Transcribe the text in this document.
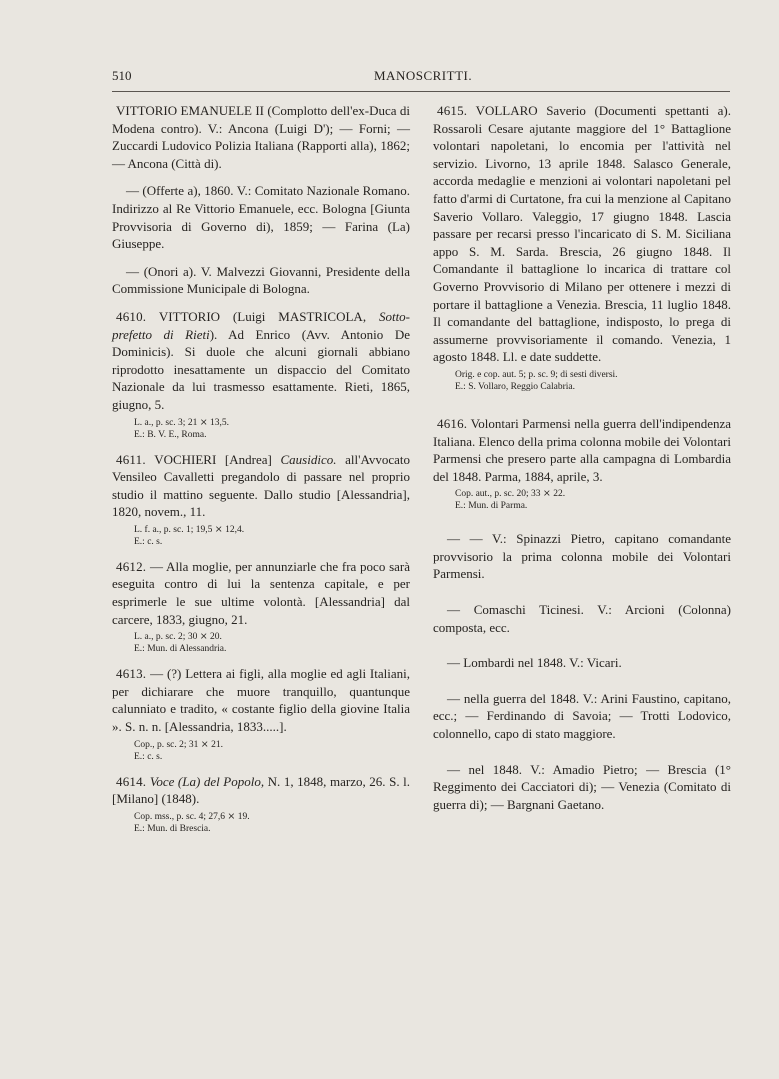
510	MANOSCRITTI.

VITTORIO EMANUELE II (Complotto dell'ex-Duca di Modena contro). V.: Ancona (Luigi D'); — Forni; — Zuccardi Ludovico Polizia Italiana (Rapporti alla), 1862; — Ancona (Città di).

— (Offerte a), 1860. V.: Comitato Nazionale Romano. Indirizzo al Re Vittorio Emanuele, ecc. Bologna [Giunta Provvisoria di Governo di), 1859; — Farina (La) Giuseppe.

— (Onori a). V. Malvezzi Giovanni, Presidente della Commissione Municipale di Bologna.

4610. VITTORIO (Luigi MASTRICOLA, Sotto-prefetto di Rieti). Ad Enrico (Avv. Antonio De Dominicis). Si duole che alcuni giornali abbiano riprodotto inesattamente un dispaccio del Comitato Nazionale da lui trasmesso esattamente. Rieti, 1865, giugno, 5.

L. a., p. sc. 3; 21 ⨯ 13,5.

E.: B. V. E., Roma.

4611. VOCHIERI [Andrea] Causidico. all'Avvocato Vensileo Cavalletti pregandolo di passare nel proprio studio il mattino seguente. Dallo studio [Alessandria], 1820, novem., 11.

L. f. a., p. sc. 1; 19,5 ⨯ 12,4.

E.: c. s.

4612. — Alla moglie, per annunziarle che fra poco sarà eseguita contro di lui la sentenza capitale, e per esprimerle le sue ultime volontà. [Alessandria] dal carcere, 1833, giugno, 21.

L. a., p. sc. 2; 30 ⨯ 20.

E.: Mun. di Alessandria.

4613. — (?) Lettera ai figli, alla moglie ed agli Italiani, per dichiarare che muore tranquillo, quantunque calunniato e tradito, « costante figlio della giovine Italia ». S. n. n. [Alessandria, 1833.....].

Cop., p. sc. 2; 31 ⨯ 21.

E.: c. s.

4614. Voce (La) del Popolo, N. 1, 1848, marzo, 26. S. l. [Milano] (1848).

Cop. mss., p. sc. 4; 27,6 ⨯ 19.

E.: Mun. di Brescia.

4615. VOLLARO Saverio (Documenti spettanti a). Rossaroli Cesare ajutante maggiore del 1° Battaglione volontari napoletani, lo encomia per l'attività nel servizio. Livorno, 13 aprile 1848. Salasco Generale, accorda medaglie e menzioni ai volontari napoletani pel fatto d'armi di Curtatone, fra cui la menzione al Capitano Saverio Vollaro. Valeggio, 17 giugno 1848. Lascia passare per recarsi presso l'incaricato di S. M. Siciliana appo S. M. Sarda. Brescia, 26 giugno 1848. Il Comandante il battaglione lo incarica di trattare col Governo Provvisorio di Milano per ottenere i mezzi di portare il battaglione a Venezia. Brescia, 11 luglio 1848. Il comandante del battaglione, indisposto, lo prega di assumerne provvisoriamente il comando. Venezia, 1 agosto 1848. Ll. e date suddette.

Orig. e cop. aut. 5; p. sc. 9; di sesti diversi.

E.: S. Vollaro, Reggio Calabria.

4616. Volontari Parmensi nella guerra dell'indipendenza Italiana. Elenco della prima colonna mobile dei Volontari Parmensi che presero parte alla campagna di Lombardia del 1848. Parma, 1884, aprile, 3.

Cop. aut., p. sc. 20; 33 ⨯ 22.

E.: Mun. di Parma.

— — V.: Spinazzi Pietro, capitano comandante provvisorio la prima colonna mobile dei Volontari Parmensi.

— Comaschi Ticinesi. V.: Arcioni (Colonna) composta, ecc.

— Lombardi nel 1848. V.: Vicari.

— nella guerra del 1848. V.: Arini Faustino, capitano, ecc.; — Ferdinando di Savoia; — Trotti Lodovico, colonnello, capo di stato maggiore.

— nel 1848. V.: Amadio Pietro; — Brescia (1° Reggimento dei Cacciatori di); — Venezia (Comitato di guerra di); — Bargnani Gaetano.
